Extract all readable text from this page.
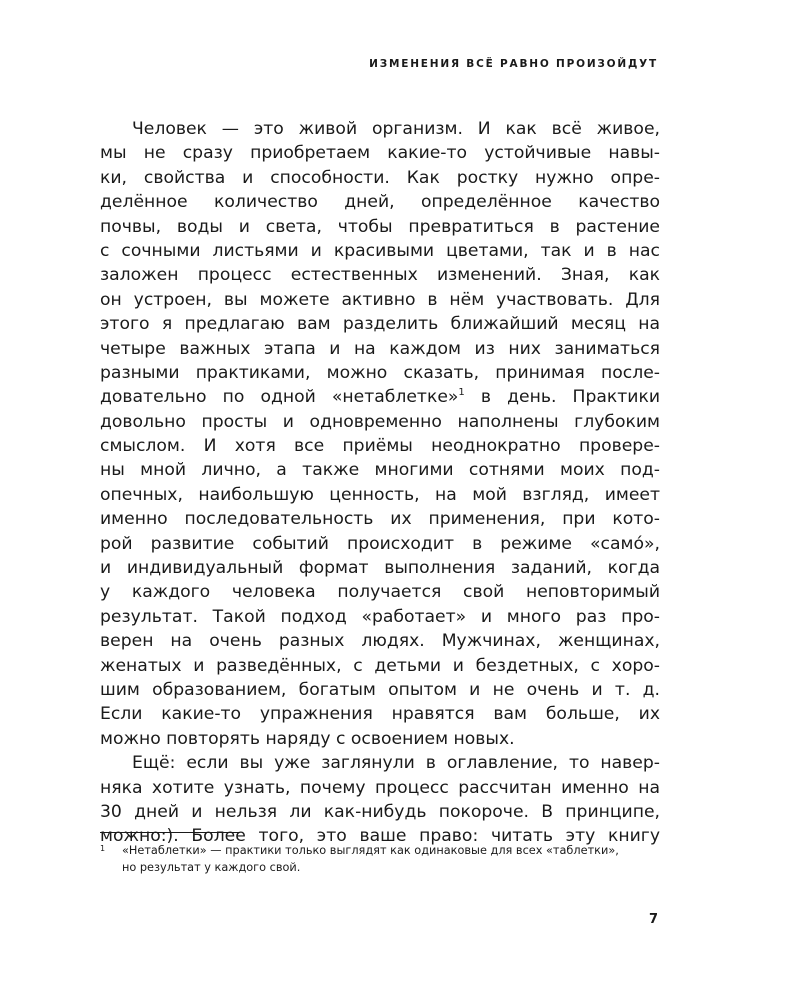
ИЗМЕНЕНИЯ ВСЁ РАВНО ПРОИЗОЙДУТ
Человек — это живой организм. И как всё живое,
мы не сразу приобретаем какие-то устойчивые навы-
ки, свойства и способности. Как ростку нужно опре-
делённое количество дней, определённое качество
почвы, воды и света, чтобы превратиться в растение
с сочными листьями и красивыми цветами, так и в нас
заложен процесс естественных изменений. Зная, как
он устроен, вы можете активно в нём участвовать. Для
этого я предлагаю вам разделить ближайший месяц на
четыре важных этапа и на каждом из них заниматься
разными практиками, можно сказать, принимая после-
довательно по одной «нетаблетке»$^1$ в день. Практики
довольно просты и одновременно наполнены глубоким
смыслом. И хотя все приёмы неоднократно провере-
ны мной лично, а также многими сотнями моих под-
опечных, наибольшую ценность, на мой взгляд, имеет
именно последовательность их применения, при кото-
рой развитие событий происходит в режиме «само́»,
и индивидуальный формат выполнения заданий, когда
у каждого человека получается свой неповторимый
результат. Такой подход «работает» и много раз про-
верен на очень разных людях. Мужчинах, женщинах,
женатых и разведённых, с детьми и бездетных, с хоро-
шим образованием, богатым опытом и не очень и т. д.
Если какие-то упражнения нравятся вам больше, их
можно повторять наряду с освоением новых.
Ещё: если вы уже заглянули в оглавление, то навер-
няка хотите узнать, почему процесс рассчитан именно на
30 дней и нельзя ли как-нибудь покороче. В принципе,
можно:). Более того, это ваше право: читать эту книгу
1	«Нетаблетки» — практики только выглядят как одинаковые для всех «таблетки»,
но результат у каждого свой.
7
